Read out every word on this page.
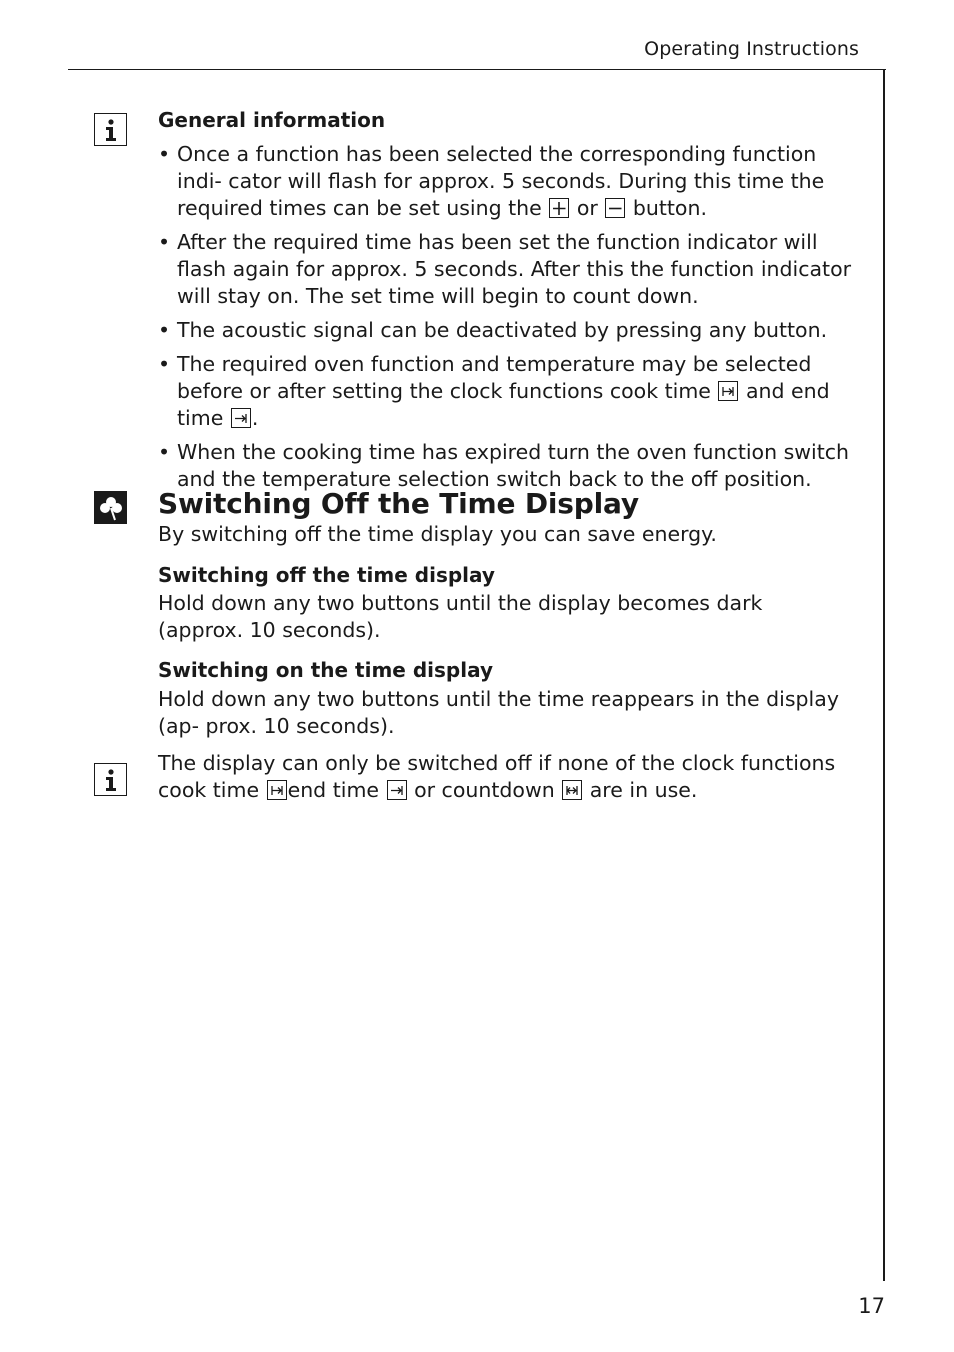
Operating Instructions
General information
• Once a function has been selected the corresponding function indi- cator will flash for approx. 5 seconds. During this time the required times can be set using the
or
button.
• After the required time has been set the function indicator will flash again for approx. 5 seconds. After this the function indicator will stay on. The set time will begin to count down.
• The acoustic signal can be deactivated by pressing any button.
• The required oven function and temperature may be selected before or after setting the clock functions cook time
and end time
.
• When the cooking time has expired turn the oven function switch and the temperature selection switch back to the off position.
Switching Off the Time Display

By switching off the time display you can save energy.

Switching off the time display

Hold down any two buttons until the display becomes dark

(approx. 10 seconds).

Switching on the time display

Hold down any two buttons until the time reappears in the display (ap- prox. 10 seconds).

The display can only be switched off if none of the clock functions cook time
end time
or countdown
are in use.

17
